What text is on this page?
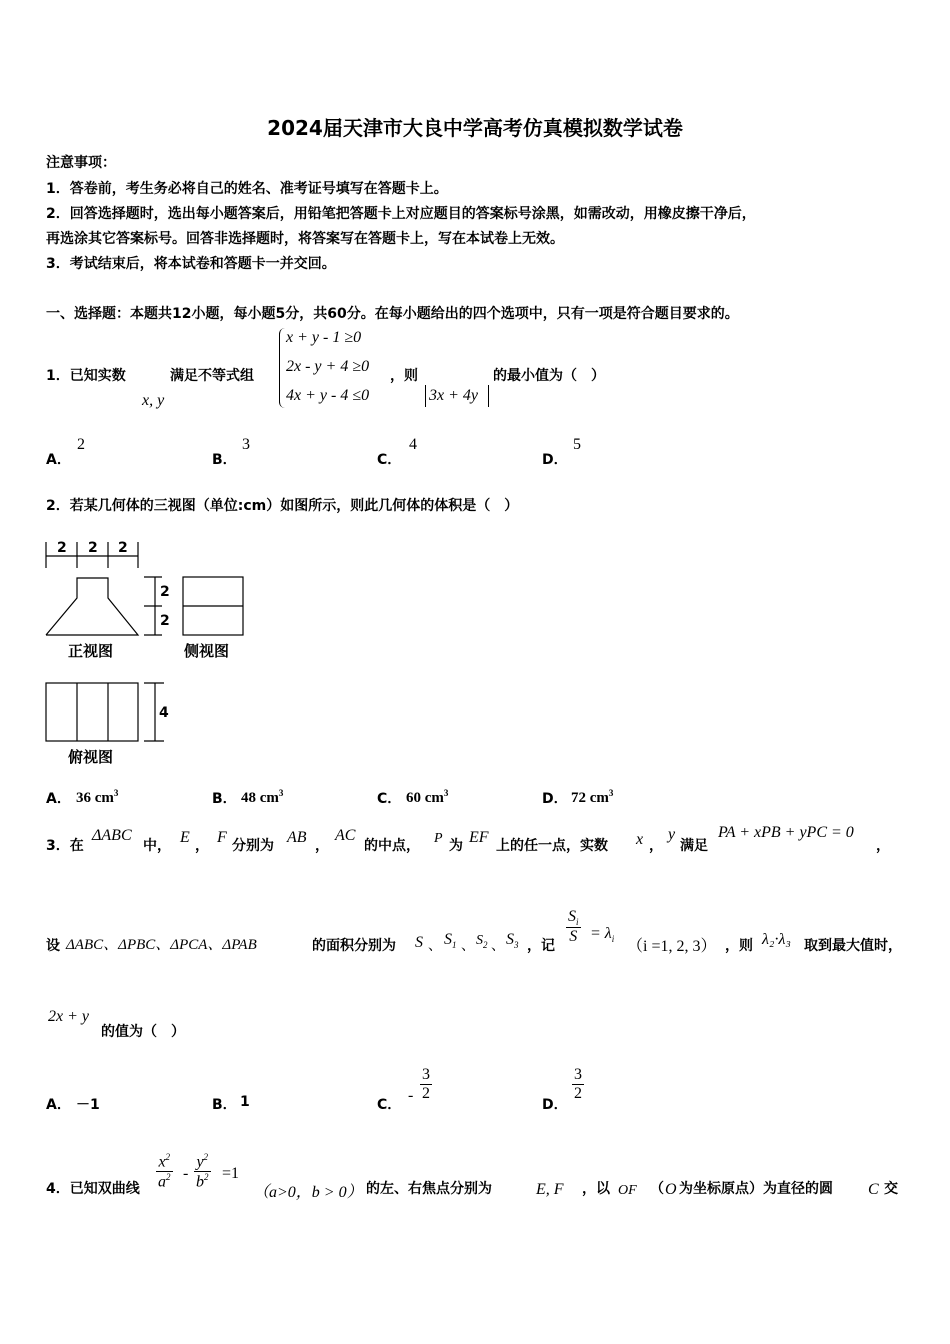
2024届天津市大良中学高考仿真模拟数学试卷
注意事项：
1．答卷前，考生务必将自己的姓名、准考证号填写在答题卡上。
2．回答选择题时，选出每小题答案后，用铅笔把答题卡上对应题目的答案标号涂黑，如需改动，用橡皮擦干净后，
再选涂其它答案标号。回答非选择题时，将答案写在答题卡上，写在本试卷上无效。
3．考试结束后，将本试卷和答题卡一并交回。
一、选择题：本题共12小题，每小题5分，共60分。在每小题给出的四个选项中，只有一项是符合题目要求的。
1．已知实数
x, y
满足不等式组
x + y - 1 ≥0
2x - y + 4 ≥0
4x + y - 4 ≤0
，则
3x + 4y
的最小值为（　）
A．
2
B．
3
C．
4
D．
5
2．若某几何体的三视图（单位:cm）如图所示，则此几何体的体积是（　）
2 2 2
2
2
4
正视图	侧视图
俯视图
A． 36 $cm^3$	B． 48 $cm^3$	C． 60 $cm^3$	D． 72 $cm^3$
3．在
ΔABC
中， E ， F 分别为 AB ，
AC
的中点， P 为 EF 上的任一点，实数 x ，
y
满足
PA + xPB + yPC = 0
，
设 ΔABC、ΔPBC、ΔPCA、ΔPAB	的面积分别为 S 、 $S_1$ 、 $S_2$ 、 $S_3$ ，记 $\frac{S_i}{S} = \lambda_i$ （i =1, 2, 3） ，则 λ₂·λ₃ 取到最大值时，
2x + y
的值为（　）
A． －1	B． 1	C．
- $\frac{3}{2}$
D．
$\frac{3}{2}$
4．已知双曲线 $\frac{x^2}{a^2} - \frac{y^2}{b^2} =1$
（a>0，b > 0） 的左、右焦点分别为	E, F ，以 OF （ O 为坐标原点）为直径的圆 C 交
